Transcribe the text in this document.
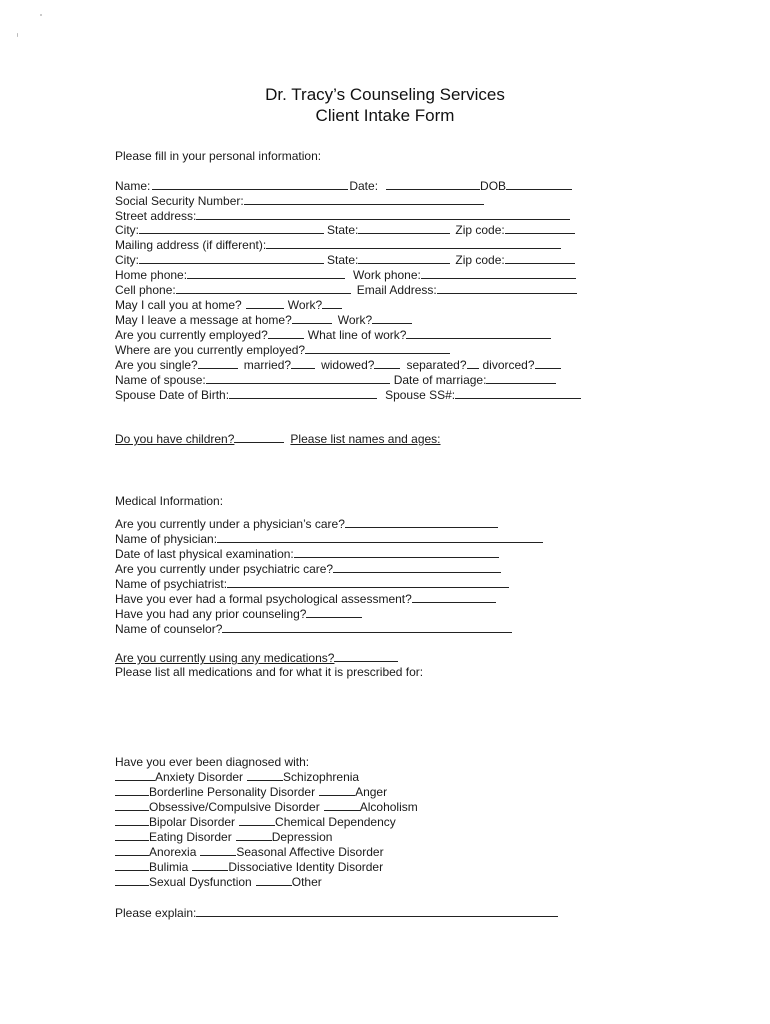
Dr. Tracy’s Counseling Services
Client Intake Form
Please fill in your personal information:
Name:	Date:	DOB
Social Security Number:
Street address:
City:	State:	Zip code:
Mailing address (if different):
City:	State:	Zip code:
Home phone:	Work phone:
Cell phone:	Email Address:
May I call you at home?	Work?
May I leave a message at home?	Work?
Are you currently employed?	What line of work?
Where are you currently employed?
Are you single?	married?	widowed?	separated? divorced?
Name of spouse:	Date of marriage:
Spouse Date of Birth:	Spouse SS#:
Do you have children?	Please list names and ages:
Medical Information:
Are you currently under a physician’s care?
Name of physician:
Date of last physical examination:
Are you currently under psychiatric care?
Name of psychiatrist:
Have you ever had a formal psychological assessment?
Have you had any prior counseling?
Name of counselor?
Are you currently using any medications?
Please list all medications and for what it is prescribed for:
Have you ever been diagnosed with:
Anxiety Disorder	Schizophrenia
Borderline Personality Disorder	Anger
Obsessive/Compulsive Disorder	Alcoholism
Bipolar Disorder	Chemical Dependency
Eating Disorder	Depression
Anorexia	Seasonal Affective Disorder
Bulimia	Dissociative Identity Disorder
Sexual Dysfunction	Other
Please explain:
